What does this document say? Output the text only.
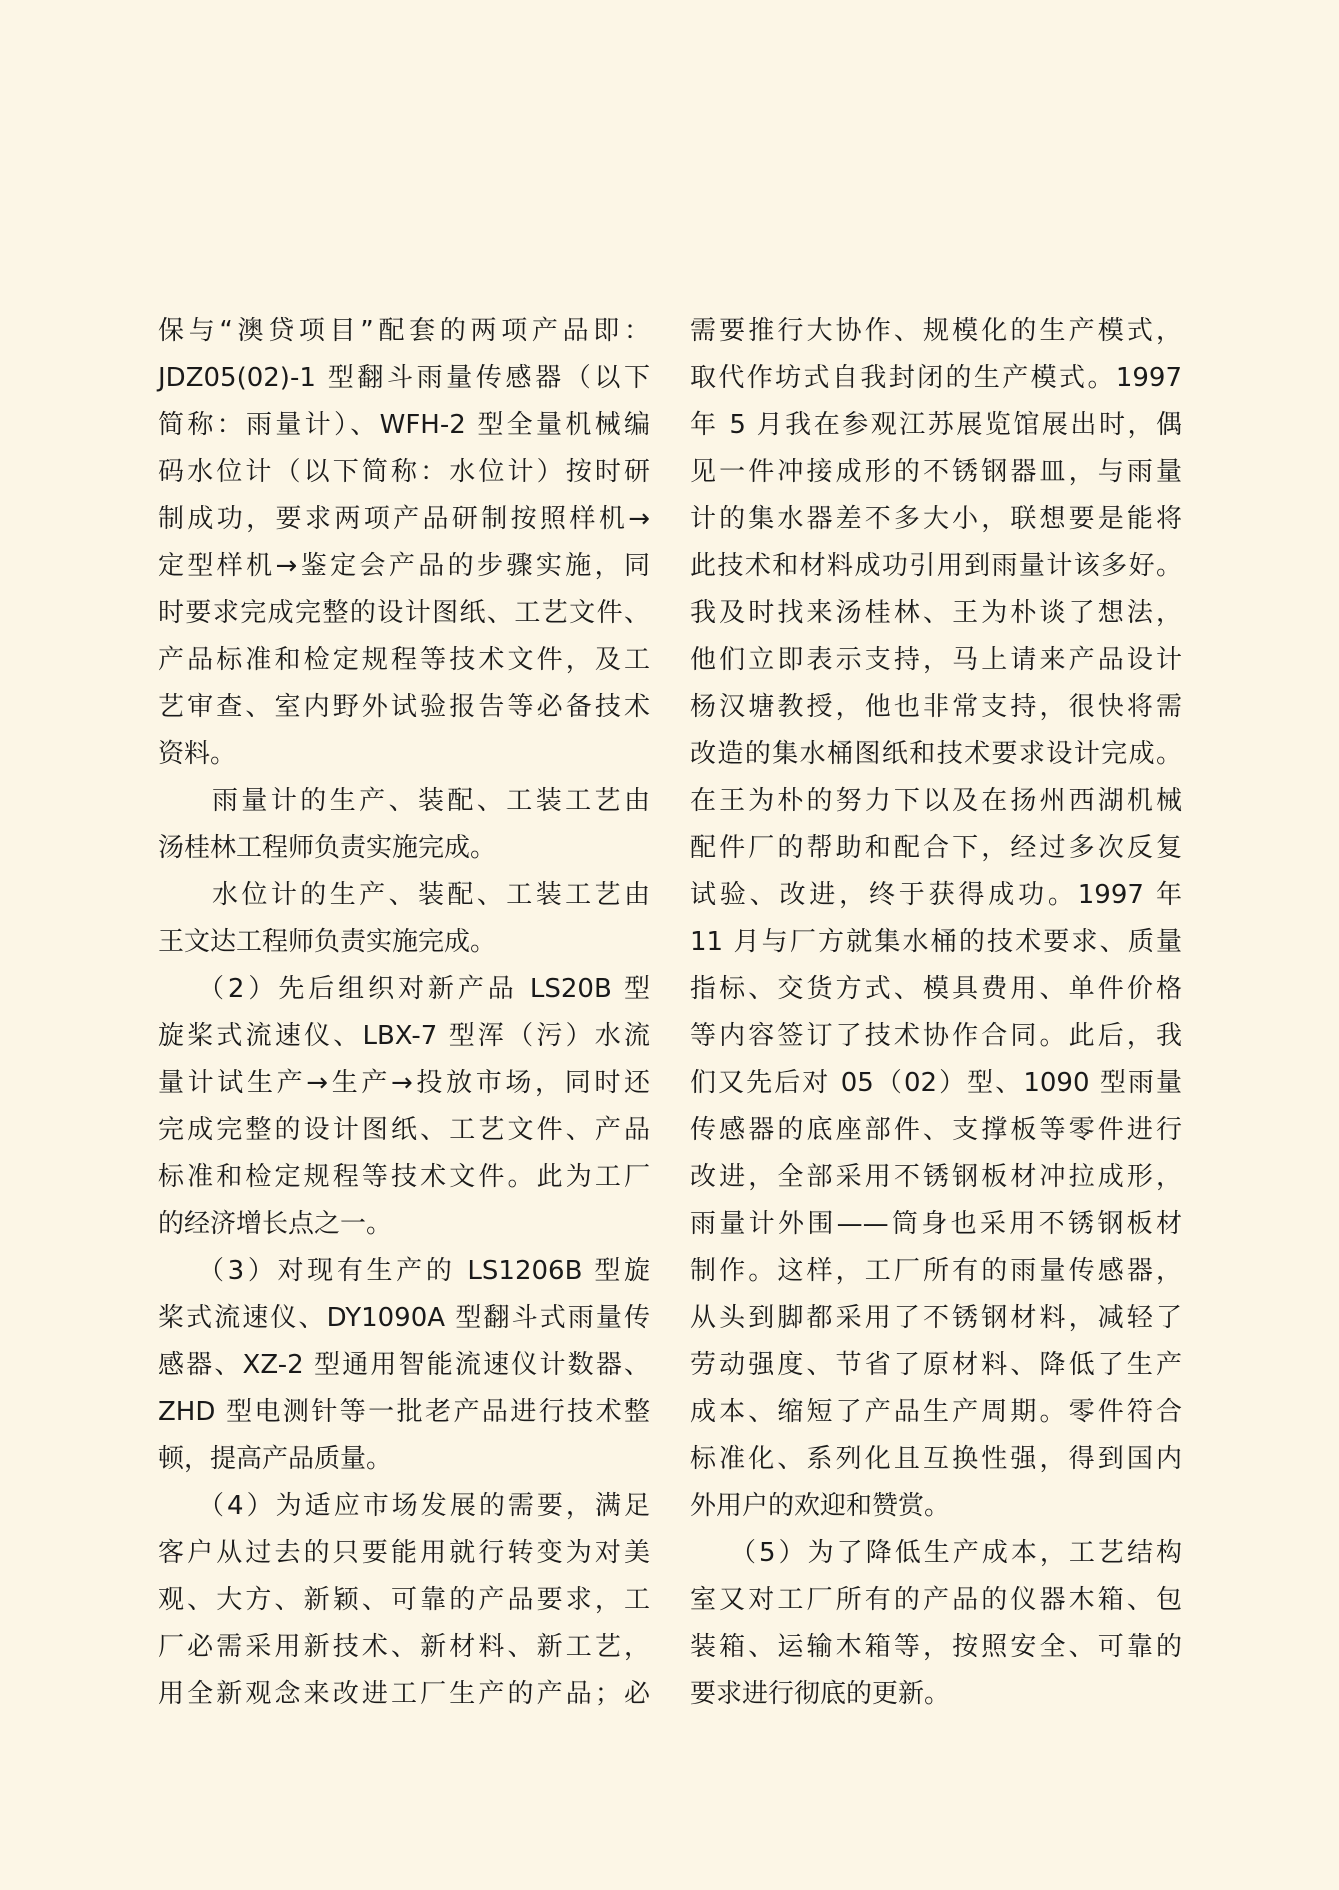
保与“澳贷项目”配套的两项产品即：
JDZ05(02)-1 型翻斗雨量传感器（以下
简称：雨量计）、WFH-2 型全量机械编
码水位计（以下简称：水位计）按时研
制成功，要求两项产品研制按照样机→
定型样机→鉴定会产品的步骤实施，同
时要求完成完整的设计图纸、工艺文件、
产品标准和检定规程等技术文件，及工
艺审查、室内野外试验报告等必备技术
资料。
雨量计的生产、装配、工装工艺由
汤桂林工程师负责实施完成。
水位计的生产、装配、工装工艺由
王文达工程师负责实施完成。
（2）先后组织对新产品 LS20B 型
旋桨式流速仪、LBX-7 型浑（污）水流
量计试生产→生产→投放市场，同时还
完成完整的设计图纸、工艺文件、产品
标准和检定规程等技术文件。此为工厂
的经济增长点之一。
（3）对现有生产的 LS1206B 型旋
桨式流速仪、DY1090A 型翻斗式雨量传
感器、XZ-2 型通用智能流速仪计数器、
ZHD 型电测针等一批老产品进行技术整
顿，提高产品质量。
（4）为适应市场发展的需要，满足
客户从过去的只要能用就行转变为对美
观、大方、新颖、可靠的产品要求，工
厂必需采用新技术、新材料、新工艺，
用全新观念来改进工厂生产的产品；必
需要推行大协作、规模化的生产模式，
取代作坊式自我封闭的生产模式。1997
年 5 月我在参观江苏展览馆展出时，偶
见一件冲接成形的不锈钢器皿，与雨量
计的集水器差不多大小，联想要是能将
此技术和材料成功引用到雨量计该多好。
我及时找来汤桂林、王为朴谈了想法，
他们立即表示支持，马上请来产品设计
杨汉塘教授，他也非常支持，很快将需
改造的集水桶图纸和技术要求设计完成。
在王为朴的努力下以及在扬州西湖机械
配件厂的帮助和配合下，经过多次反复
试验、改进，终于获得成功。1997 年
11 月与厂方就集水桶的技术要求、质量
指标、交货方式、模具费用、单件价格
等内容签订了技术协作合同。此后，我
们又先后对 05（02）型、1090 型雨量
传感器的底座部件、支撑板等零件进行
改进，全部采用不锈钢板材冲拉成形，
雨量计外围——筒身也采用不锈钢板材
制作。这样，工厂所有的雨量传感器，
从头到脚都采用了不锈钢材料，减轻了
劳动强度、节省了原材料、降低了生产
成本、缩短了产品生产周期。零件符合
标准化、系列化且互换性强，得到国内
外用户的欢迎和赞赏。
（5）为了降低生产成本，工艺结构
室又对工厂所有的产品的仪器木箱、包
装箱、运输木箱等，按照安全、可靠的
要求进行彻底的更新。
